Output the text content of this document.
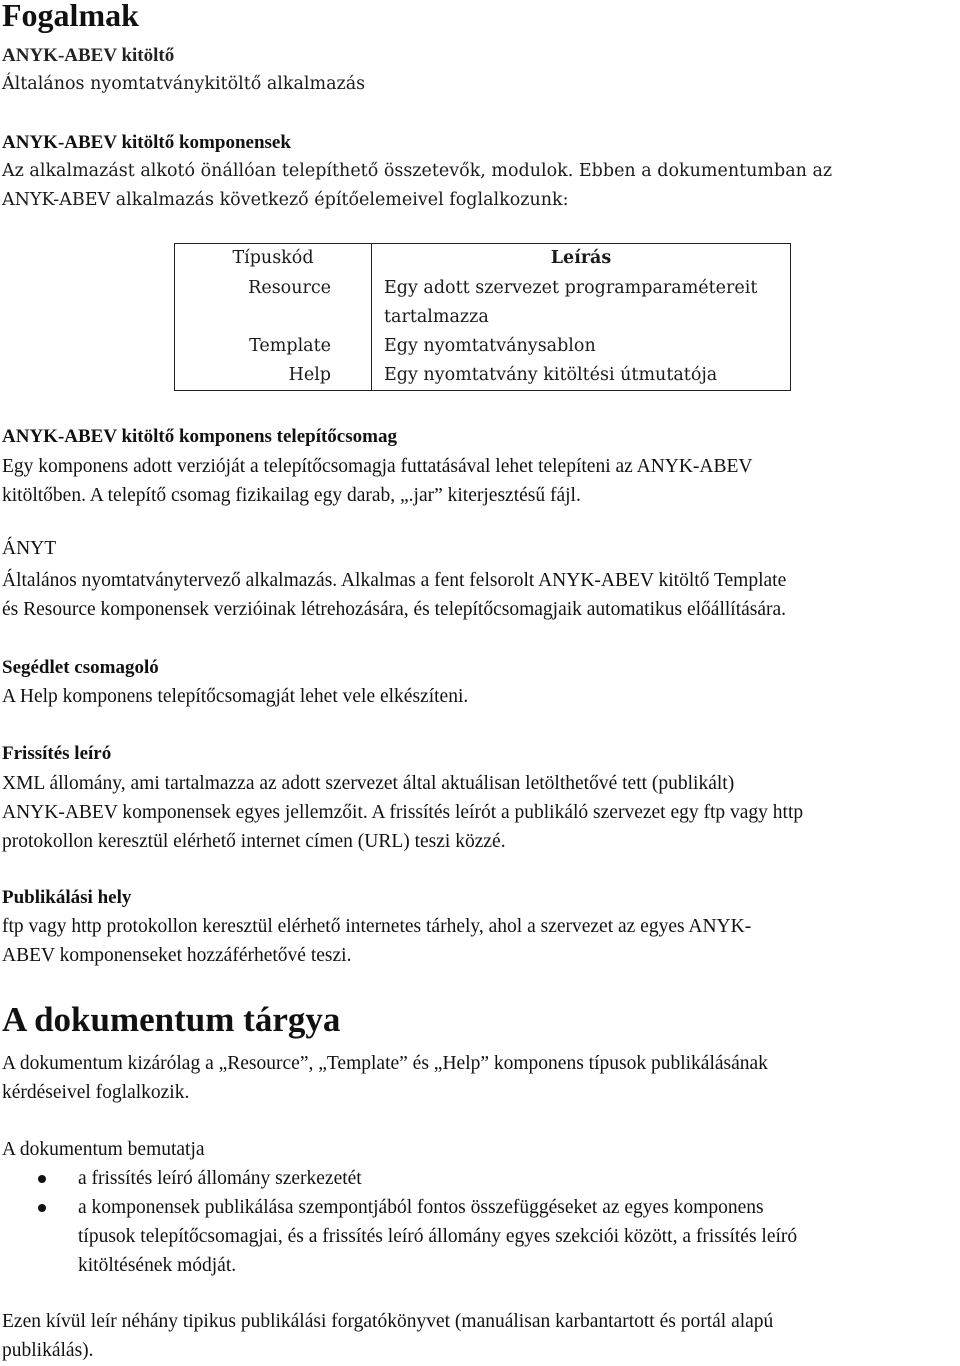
Fogalmak
ANYK-ABEV kitöltő
Általános nyomtatványkitöltő alkalmazás
ANYK-ABEV kitöltő komponensek
Az alkalmazást alkotó önállóan telepíthető összetevők, modulok. Ebben a dokumentumban az
ANYK-ABEV alkalmazás következő építőelemeivel foglalkozunk:
Típuskód	Leírás
Resource	Egy adott szervezet programparamétereit
tartalmazza

Template	Egy nyomtatványsablon

Help	Egy nyomtatvány kitöltési útmutatója
ANYK-ABEV kitöltő komponens telepítőcsomag
Egy komponens adott verzióját a telepítőcsomagja futtatásával lehet telepíteni az ANYK-ABEV
kitöltőben. A telepítő csomag fizikailag egy darab, „.jar” kiterjesztésű fájl.
ÁNYT
Általános nyomtatványtervező alkalmazás. Alkalmas a fent felsorolt ANYK-ABEV kitöltő Template
és Resource komponensek verzióinak létrehozására, és telepítőcsomagjaik automatikus előállítására.
Segédlet csomagoló
A Help komponens telepítőcsomagját lehet vele elkészíteni.
Frissítés leíró
XML állomány, ami tartalmazza az adott szervezet által aktuálisan letölthetővé tett (publikált)
ANYK-ABEV komponensek egyes jellemzőit. A frissítés leírót a publikáló szervezet egy ftp vagy http
protokollon keresztül elérhető internet címen (URL) teszi közzé.
Publikálási hely
ftp vagy http protokollon keresztül elérhető internetes tárhely, ahol a szervezet az egyes ANYK-
ABEV komponenseket hozzáférhetővé teszi.
A dokumentum tárgya
A dokumentum kizárólag a „Resource”, „Template” és „Help” komponens típusok publikálásának
kérdéseivel foglalkozik.
A dokumentum bemutatja
a frissítés leíró állomány szerkezetét
a komponensek publikálása szempontjából fontos összefüggéseket az egyes komponens
típusok telepítőcsomagjai, és a frissítés leíró állomány egyes szekciói között, a frissítés leíró
kitöltésének módját.
Ezen kívül leír néhány tipikus publikálási forgatókönyvet (manuálisan karbantartott és portál alapú
publikálás).
